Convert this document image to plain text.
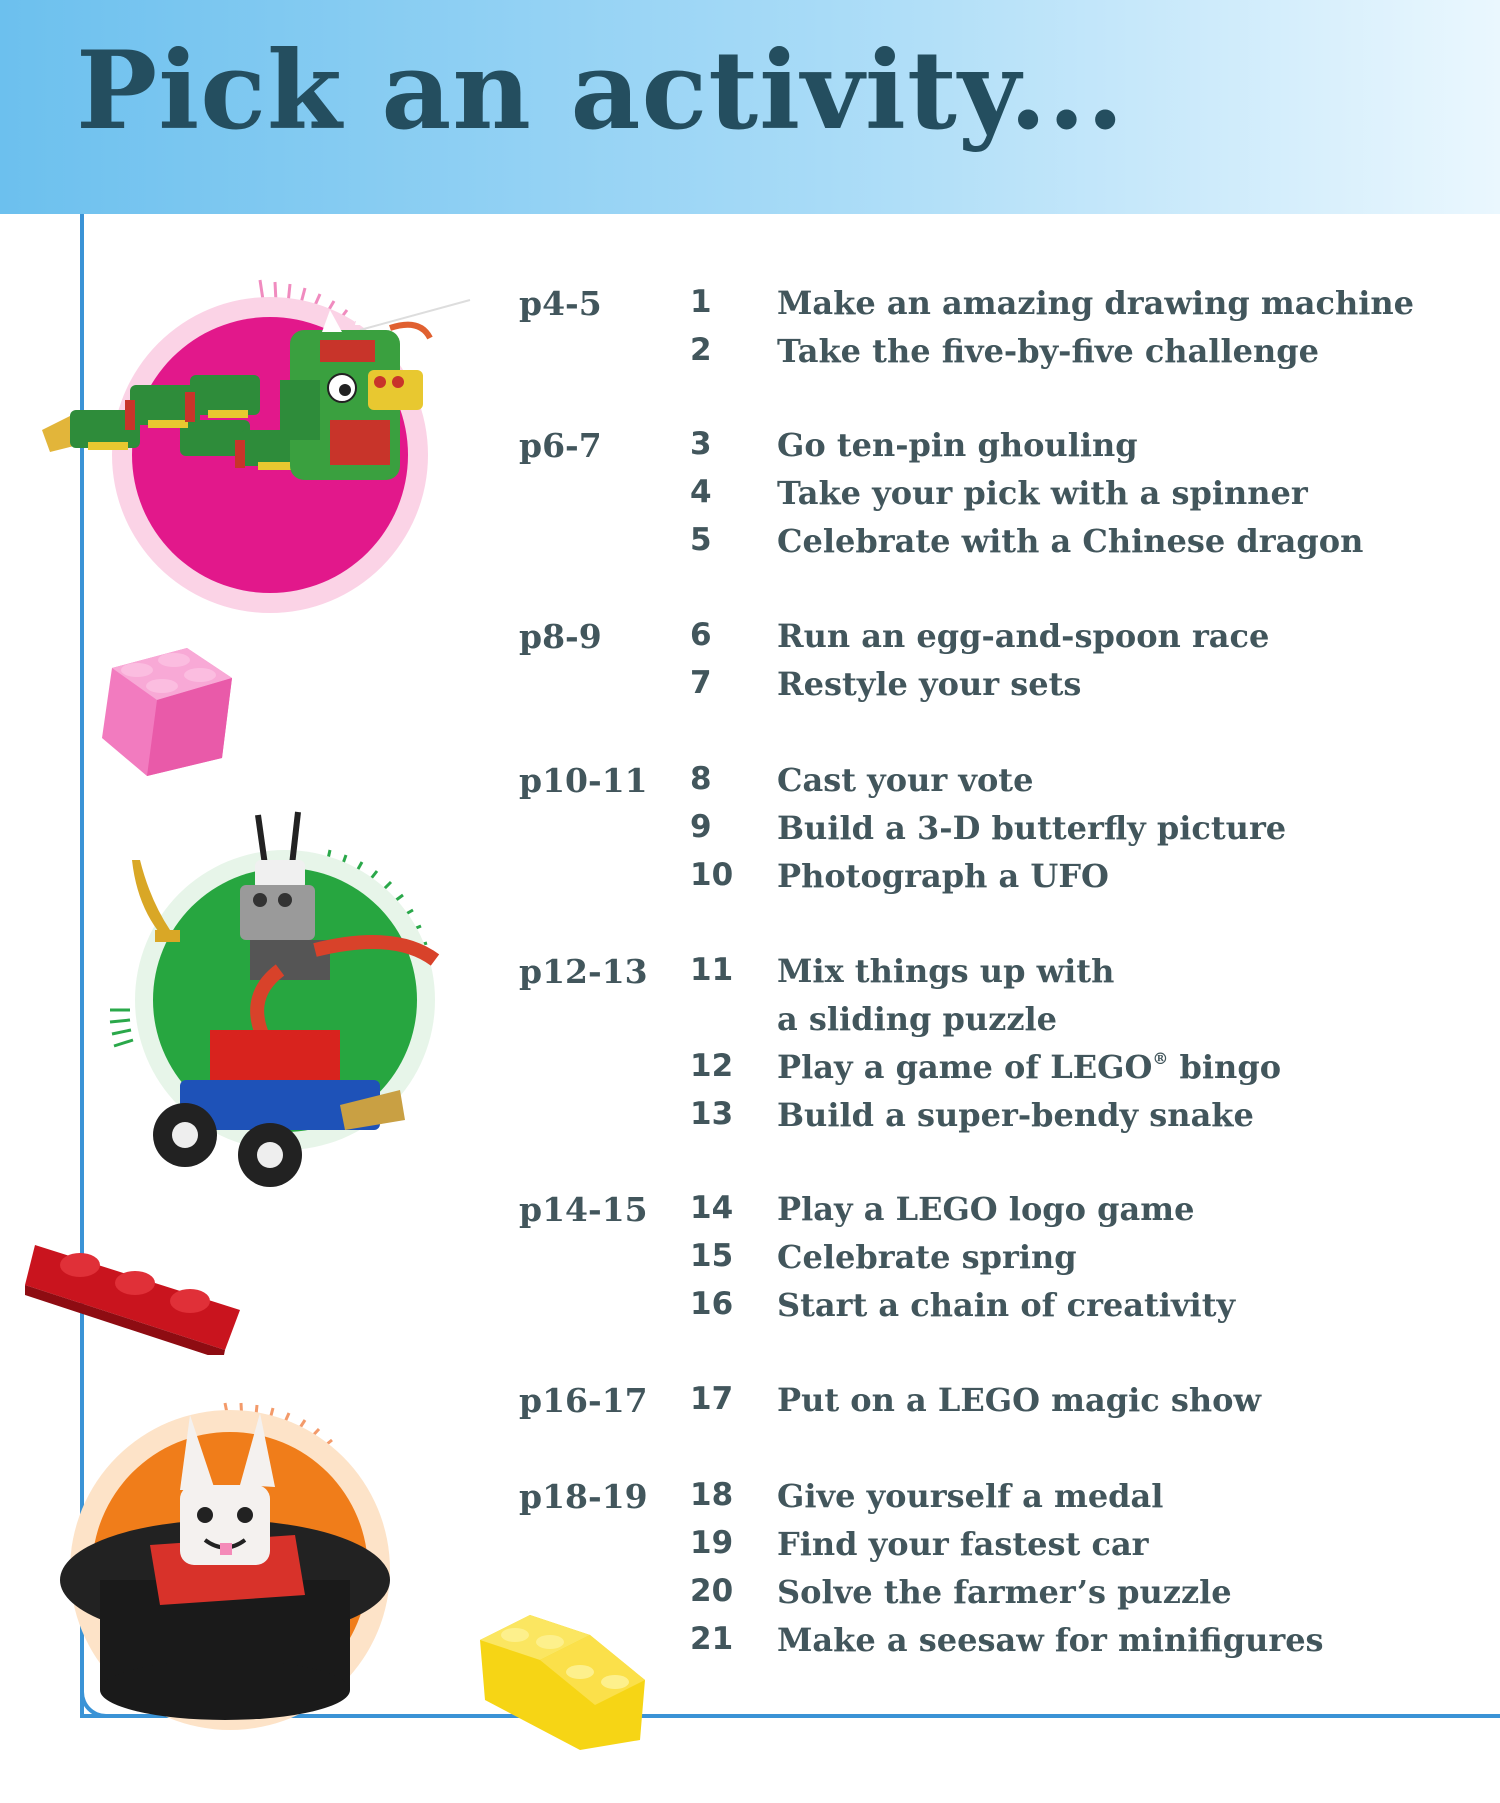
Pick an activity...
p4-5	1	Make an amazing drawing machine
2	Take the five-by-five challenge
p6-7	3	Go ten-pin ghouling
4	Take your pick with a spinner
5	Celebrate with a Chinese dragon
p8-9	6	Run an egg-and-spoon race
7	Restyle your sets
p10-11 8	Cast your vote
9	Build a 3-D butterfly picture
10 Photograph a UFO
p12-13 11 Mix things up with
a sliding puzzle
12 Play a game of LEGO® bingo
13 Build a super-bendy snake
p14-15 14 Play a LEGO logo game
15 Celebrate spring
16 Start a chain of creativity
p16-17 17 Put on a LEGO magic show
p18-19 18 Give yourself a medal
19 Find your fastest car
20 Solve the farmer’s puzzle
21 Make a seesaw for minifigures
